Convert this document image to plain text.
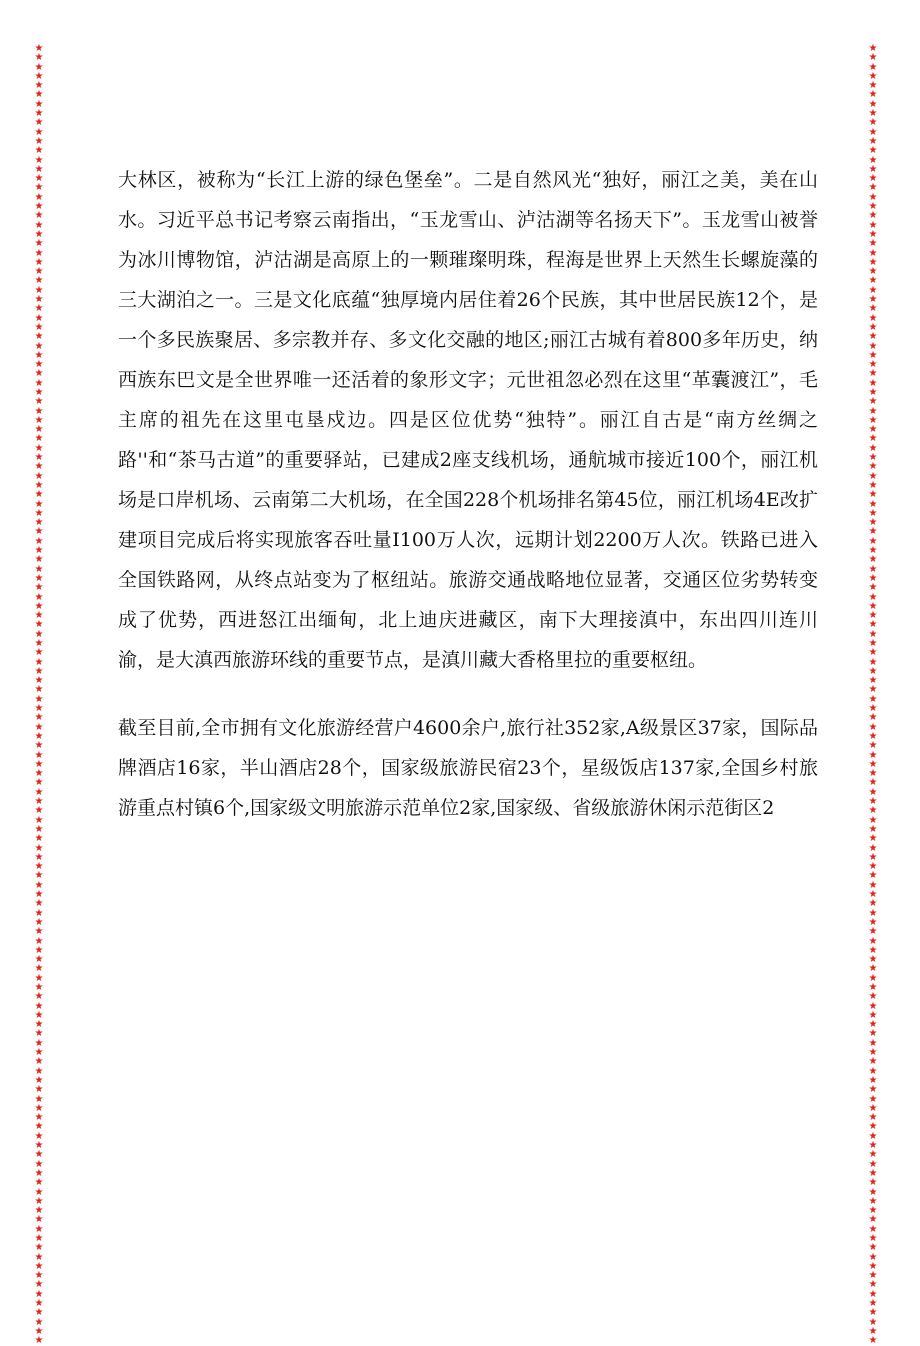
★★★★★★★★★★★★★★★★★★★★★★★★★★★★★★★★★★★★★★★★★★★★★★★★★★★★★★★★★★★★★★★★★★★★★★★★★★★★★★★★★★★★★★★★★★★★★★★★★★★★★★★★★★★★★★★★★★★★★★★★★★★★★★★★★★★★★★★★★★★★
★★★★★★★★★★★★★★★★★★★★★★★★★★★★★★★★★★★★★★★★★★★★★★★★★★★★★★★★★★★★★★★★★★★★★★★★★★★★★★★★★★★★★★★★★★★★★★★★★★★★★★★★★★★★★★★★★★★★★★★★★★★★★★★★★★★★★★★★★★★★

大林区，被称为“长江上游的绿色堡垒”。二是自然风光“独好，丽江之美，美在山水。习近平总书记考察云南指出，“玉龙雪山、泸沽湖等名扬天下”。玉龙雪山被誉为冰川博物馆，泸沽湖是高原上的一颗璀璨明珠，程海是世界上天然生长螺旋藻的三大湖泊之一。三是文化底蕴“独厚境内居住着26个民族，其中世居民族12个，是一个多民族聚居、多宗教并存、多文化交融的地区;丽江古城有着800多年历史，纳西族东巴文是全世界唯一还活着的象形文字；元世祖忽必烈在这里“革囊渡江”，毛主席的祖先在这里屯垦戍边。四是区位优势“独特”。丽江自古是“南方丝绸之路''和“茶马古道”的重要驿站，已建成2座支线机场，通航城市接近100个，丽江机场是口岸机场、云南第二大机场，在全国228个机场排名第45位，丽江机场4E改扩建项目完成后将实现旅客吞吐量I100万人次，远期计划2200万人次。铁路已进入全国铁路网，从终点站变为了枢纽站。旅游交通战略地位显著，交通区位劣势转变成了优势，西进怒江出缅甸，北上迪庆进藏区，南下大理接滇中，东出四川连川渝，是大滇西旅游环线的重要节点，是滇川藏大香格里拉的重要枢纽。

截至目前,全市拥有文化旅游经营户4600余户,旅行社352家,A级景区37家，国际品牌酒店16家，半山酒店28个，国家级旅游民宿23个，星级饭店137家,全国乡村旅游重点村镇6个,国家级文明旅游示范单位2家,国家级、省级旅游休闲示范街区2
